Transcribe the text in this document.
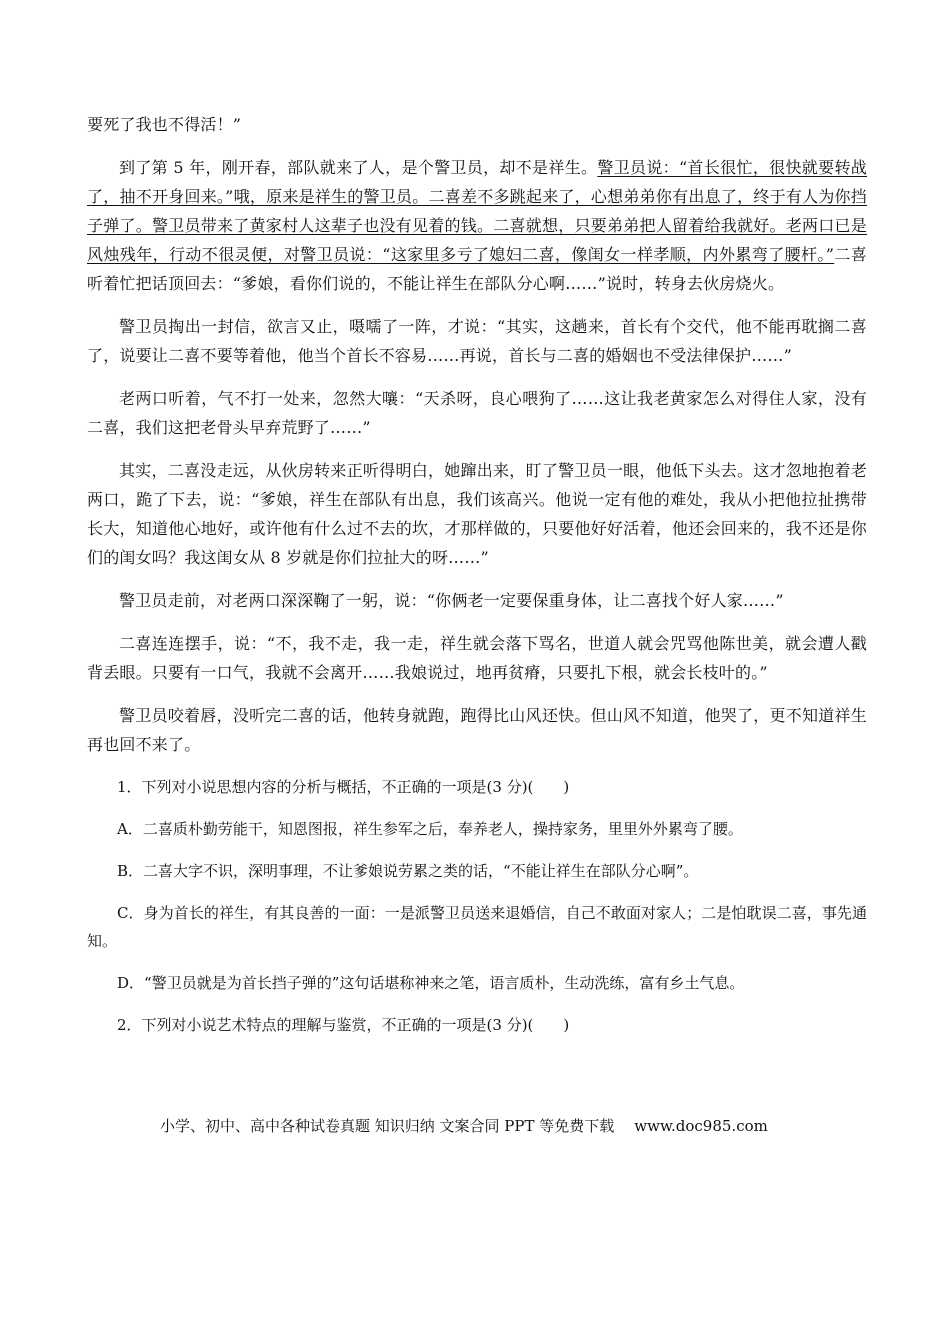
要死了我也不得活！”

到了第 5 年，刚开春，部队就来了人，是个警卫员，却不是祥生。警卫员说：“首长很忙，很快就要转战了，抽不开身回来。”哦，原来是祥生的警卫员。二喜差不多跳起来了，心想弟弟你有出息了，终于有人为你挡子弹了。警卫员带来了黄家村人这辈子也没有见着的钱。二喜就想，只要弟弟把人留着给我就好。老两口已是风烛残年，行动不很灵便，对警卫员说：“这家里多亏了媳妇二喜，像闺女一样孝顺，内外累弯了腰杆。”二喜听着忙把话顶回去：“爹娘，看你们说的，不能让祥生在部队分心啊……”说时，转身去伙房烧火。

警卫员掏出一封信，欲言又止，嗫嚅了一阵，才说：“其实，这趟来，首长有个交代，他不能再耽搁二喜了，说要让二喜不要等着他，他当个首长不容易……再说，首长与二喜的婚姻也不受法律保护……”

老两口听着，气不打一处来，忽然大嚷：“天杀呀，良心喂狗了……这让我老黄家怎么对得住人家，没有二喜，我们这把老骨头早弃荒野了……”

其实，二喜没走远，从伙房转来正听得明白，她蹿出来，盯了警卫员一眼，他低下头去。这才忽地抱着老两口，跪了下去，说：“爹娘，祥生在部队有出息，我们该高兴。他说一定有他的难处，我从小把他拉扯携带长大，知道他心地好，或许他有什么过不去的坎，才那样做的，只要他好好活着，他还会回来的，我不还是你们的闺女吗？我这闺女从 8 岁就是你们拉扯大的呀……”

警卫员走前，对老两口深深鞠了一躬，说：“你俩老一定要保重身体，让二喜找个好人家……”

二喜连连摆手，说：“不，我不走，我一走，祥生就会落下骂名，世道人就会咒骂他陈世美，就会遭人戳背丢眼。只要有一口气，我就不会离开……我娘说过，地再贫瘠，只要扎下根，就会长枝叶的。”

警卫员咬着唇，没听完二喜的话，他转身就跑，跑得比山风还快。但山风不知道，他哭了，更不知道祥生再也回不来了。

1．下列对小说思想内容的分析与概括，不正确的一项是(3 分)(　　)

A．二喜质朴勤劳能干，知恩图报，祥生参军之后，奉养老人，操持家务，里里外外累弯了腰。

B．二喜大字不识，深明事理，不让爹娘说劳累之类的话，“不能让祥生在部队分心啊”。

C．身为首长的祥生，有其良善的一面：一是派警卫员送来退婚信，自己不敢面对家人；二是怕耽误二喜，事先通知。

D．“警卫员就是为首长挡子弹的”这句话堪称神来之笔，语言质朴，生动洗练，富有乡土气息。

2．下列对小说艺术特点的理解与鉴赏，不正确的一项是(3 分)(　　)

小学、初中、高中各种试卷真题 知识归纳 文案合同 PPT 等免费下载 www.doc985.com
